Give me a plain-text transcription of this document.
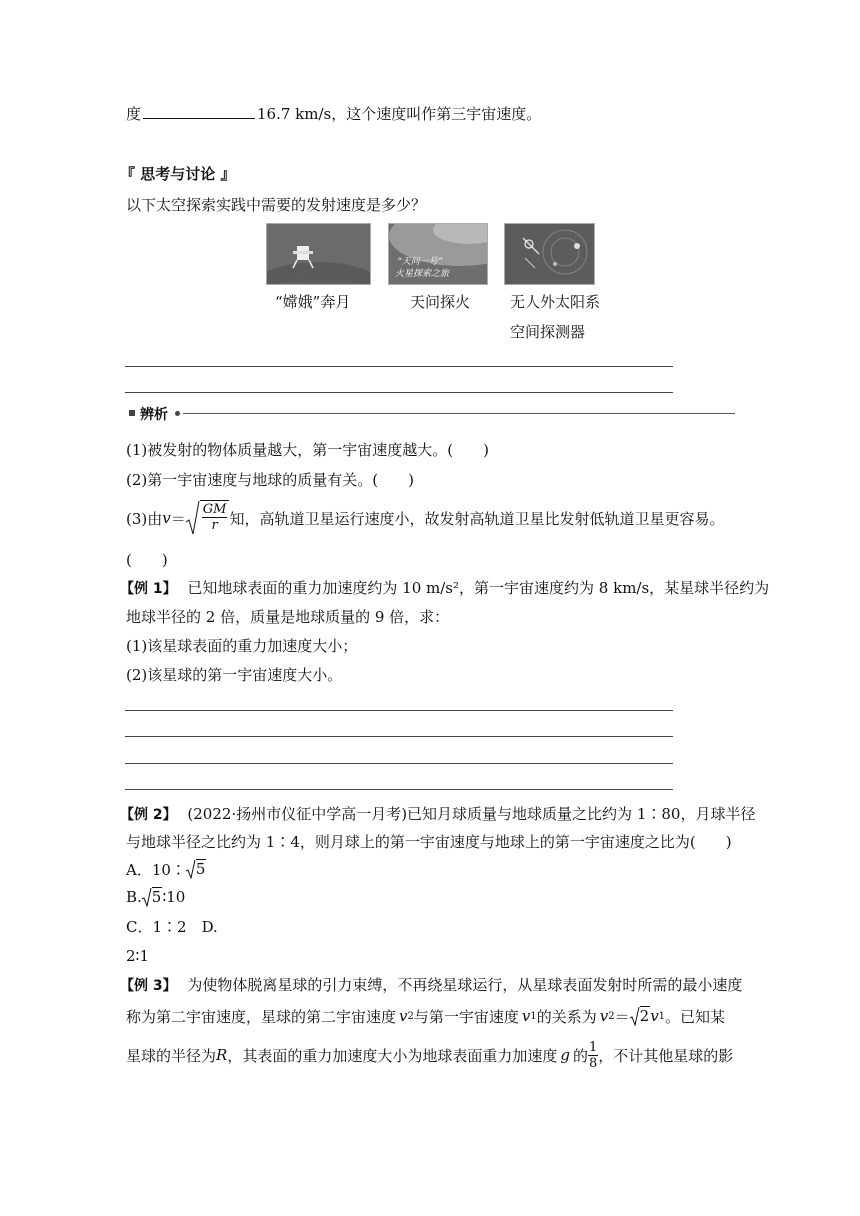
度	16.7 km/s，这个速度叫作第三宇宙速度。
『 思考与讨论 』
以下太空探索实践中需要的发射速度是多少？
“嫦娥”奔月
“天问一号”
火星探索之旅
天问探火	无人外太阳系
空间探测器
辨析
(1)被发射的物体质量越大，第一宇宙速度越大。(　　)
(2)第一宇宙速度与地球的质量有关。(　　)
(3)由 $v = \frac{GM}{r}$ 知，高轨道卫星运行速度小，故发射高轨道卫星比发射低轨道卫星更容易。
(　　)
【例 1】 已知地球表面的重力加速度约为 10 m/s²，第一宇宙速度约为 8 km/s，某星球半径约为
地球半径的 2 倍，质量是地球质量的 9 倍，求：
(1)该星球表面的重力加速度大小；
(2)该星球的第一宇宙速度大小。
【例 2】 (2022·扬州市仪征中学高一月考)已知月球质量与地球质量之比约为 1∶80，月球半径
与地球半径之比约为 1∶4，则月球上的第一宇宙速度与地球上的第一宇宙速度之比为(　　)
A．10∶ 5
B. 5 ∶10
C．1∶2　D.
2∶1
【例 3】 为使物体脱离星球的引力束缚，不再绕星球运行，从星球表面发射时所需的最小速度
称为第二宇宙速度，星球的第二宇宙速度 v 2 与第一宇宙速度 v 1 的关系为 v 2 ＝ 2 v 1 。已知某
星球的半径为 R ，其表面的重力加速度大小为地球表面重力加速度 g 的 $\frac{1}{8}$ ，不计其他星球的影
